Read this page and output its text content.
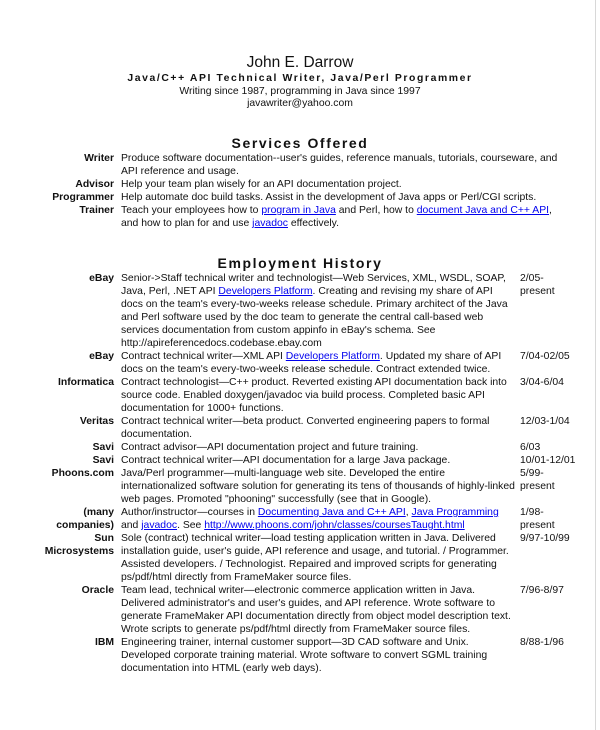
John E. Darrow
Java/C++ API Technical Writer, Java/Perl Programmer
Writing since 1987, programming in Java since 1997
javawriter@yahoo.com
Services Offered
Writer Produce software documentation--user's guides, reference manuals, tutorials, courseware, and API reference and usage.
Advisor Help your team plan wisely for an API documentation project.
Programmer Help automate doc build tasks. Assist in the development of Java apps or Perl/CGI scripts.
Trainer Teach your employees how to program in Java and Perl, how to document Java and C++ API, and how to plan for and use javadoc effectively.
Employment History
eBay Senior->Staff technical writer and technologist—Web Services, XML, WSDL, SOAP, Java, Perl, .NET API Developers Platform. Creating and revising my share of API docs on the team's every-two-weeks release schedule. Primary architect of the Java and Perl software used by the doc team to generate the central call-based web services documentation from custom appinfo in eBay's schema. See http://apireferencedocs.codebase.ebay.com
2/05-
present
eBay Contract technical writer—XML API Developers Platform. Updated my share of API docs on the team's every-two-weeks release schedule. Contract extended twice.
7/04-02/05
Informatica Contract technologist—C++ product. Reverted existing API documentation back into source code. Enabled doxygen/javadoc via build process. Completed basic API documentation for 1000+ functions.
3/04-6/04
Veritas Contract technical writer—beta product. Converted engineering papers to formal documentation.
12/03-1/04
Savi Contract advisor—API documentation project and future training.	6/03
Savi Contract technical writer—API documentation for a large Java package.	10/01-12/01
Phoons.com Java/Perl programmer—multi-language web site. Developed the entire internationalized software solution for generating its tens of thousands of highly-linked web pages. Promoted "phooning" successfully (see that in Google).
5/99-
present
(many companies)
Author/instructor—courses in Documenting Java and C++ API, Java Programming and javadoc. See http://www.phoons.com/john/classes/coursesTaught.html
1/98-
present
Sun Microsystems
Sole (contract) technical writer—load testing application written in Java. Delivered installation guide, user's guide, API reference and usage, and tutorial. / Programmer. Assisted developers. / Technologist. Repaired and improved scripts for generating ps/pdf/html directly from FrameMaker source files.
9/97-10/99
Oracle Team lead, technical writer—electronic commerce application written in Java. Delivered administrator's and user's guides, and API reference. Wrote software to generate FrameMaker API documentation directly from object model description text. Wrote scripts to generate ps/pdf/html directly from FrameMaker source files.
7/96-8/97
IBM Engineering trainer, internal customer support—3D CAD software and Unix. Developed corporate training material. Wrote software to convert SGML training documentation into HTML (early web days).
8/88-1/96
